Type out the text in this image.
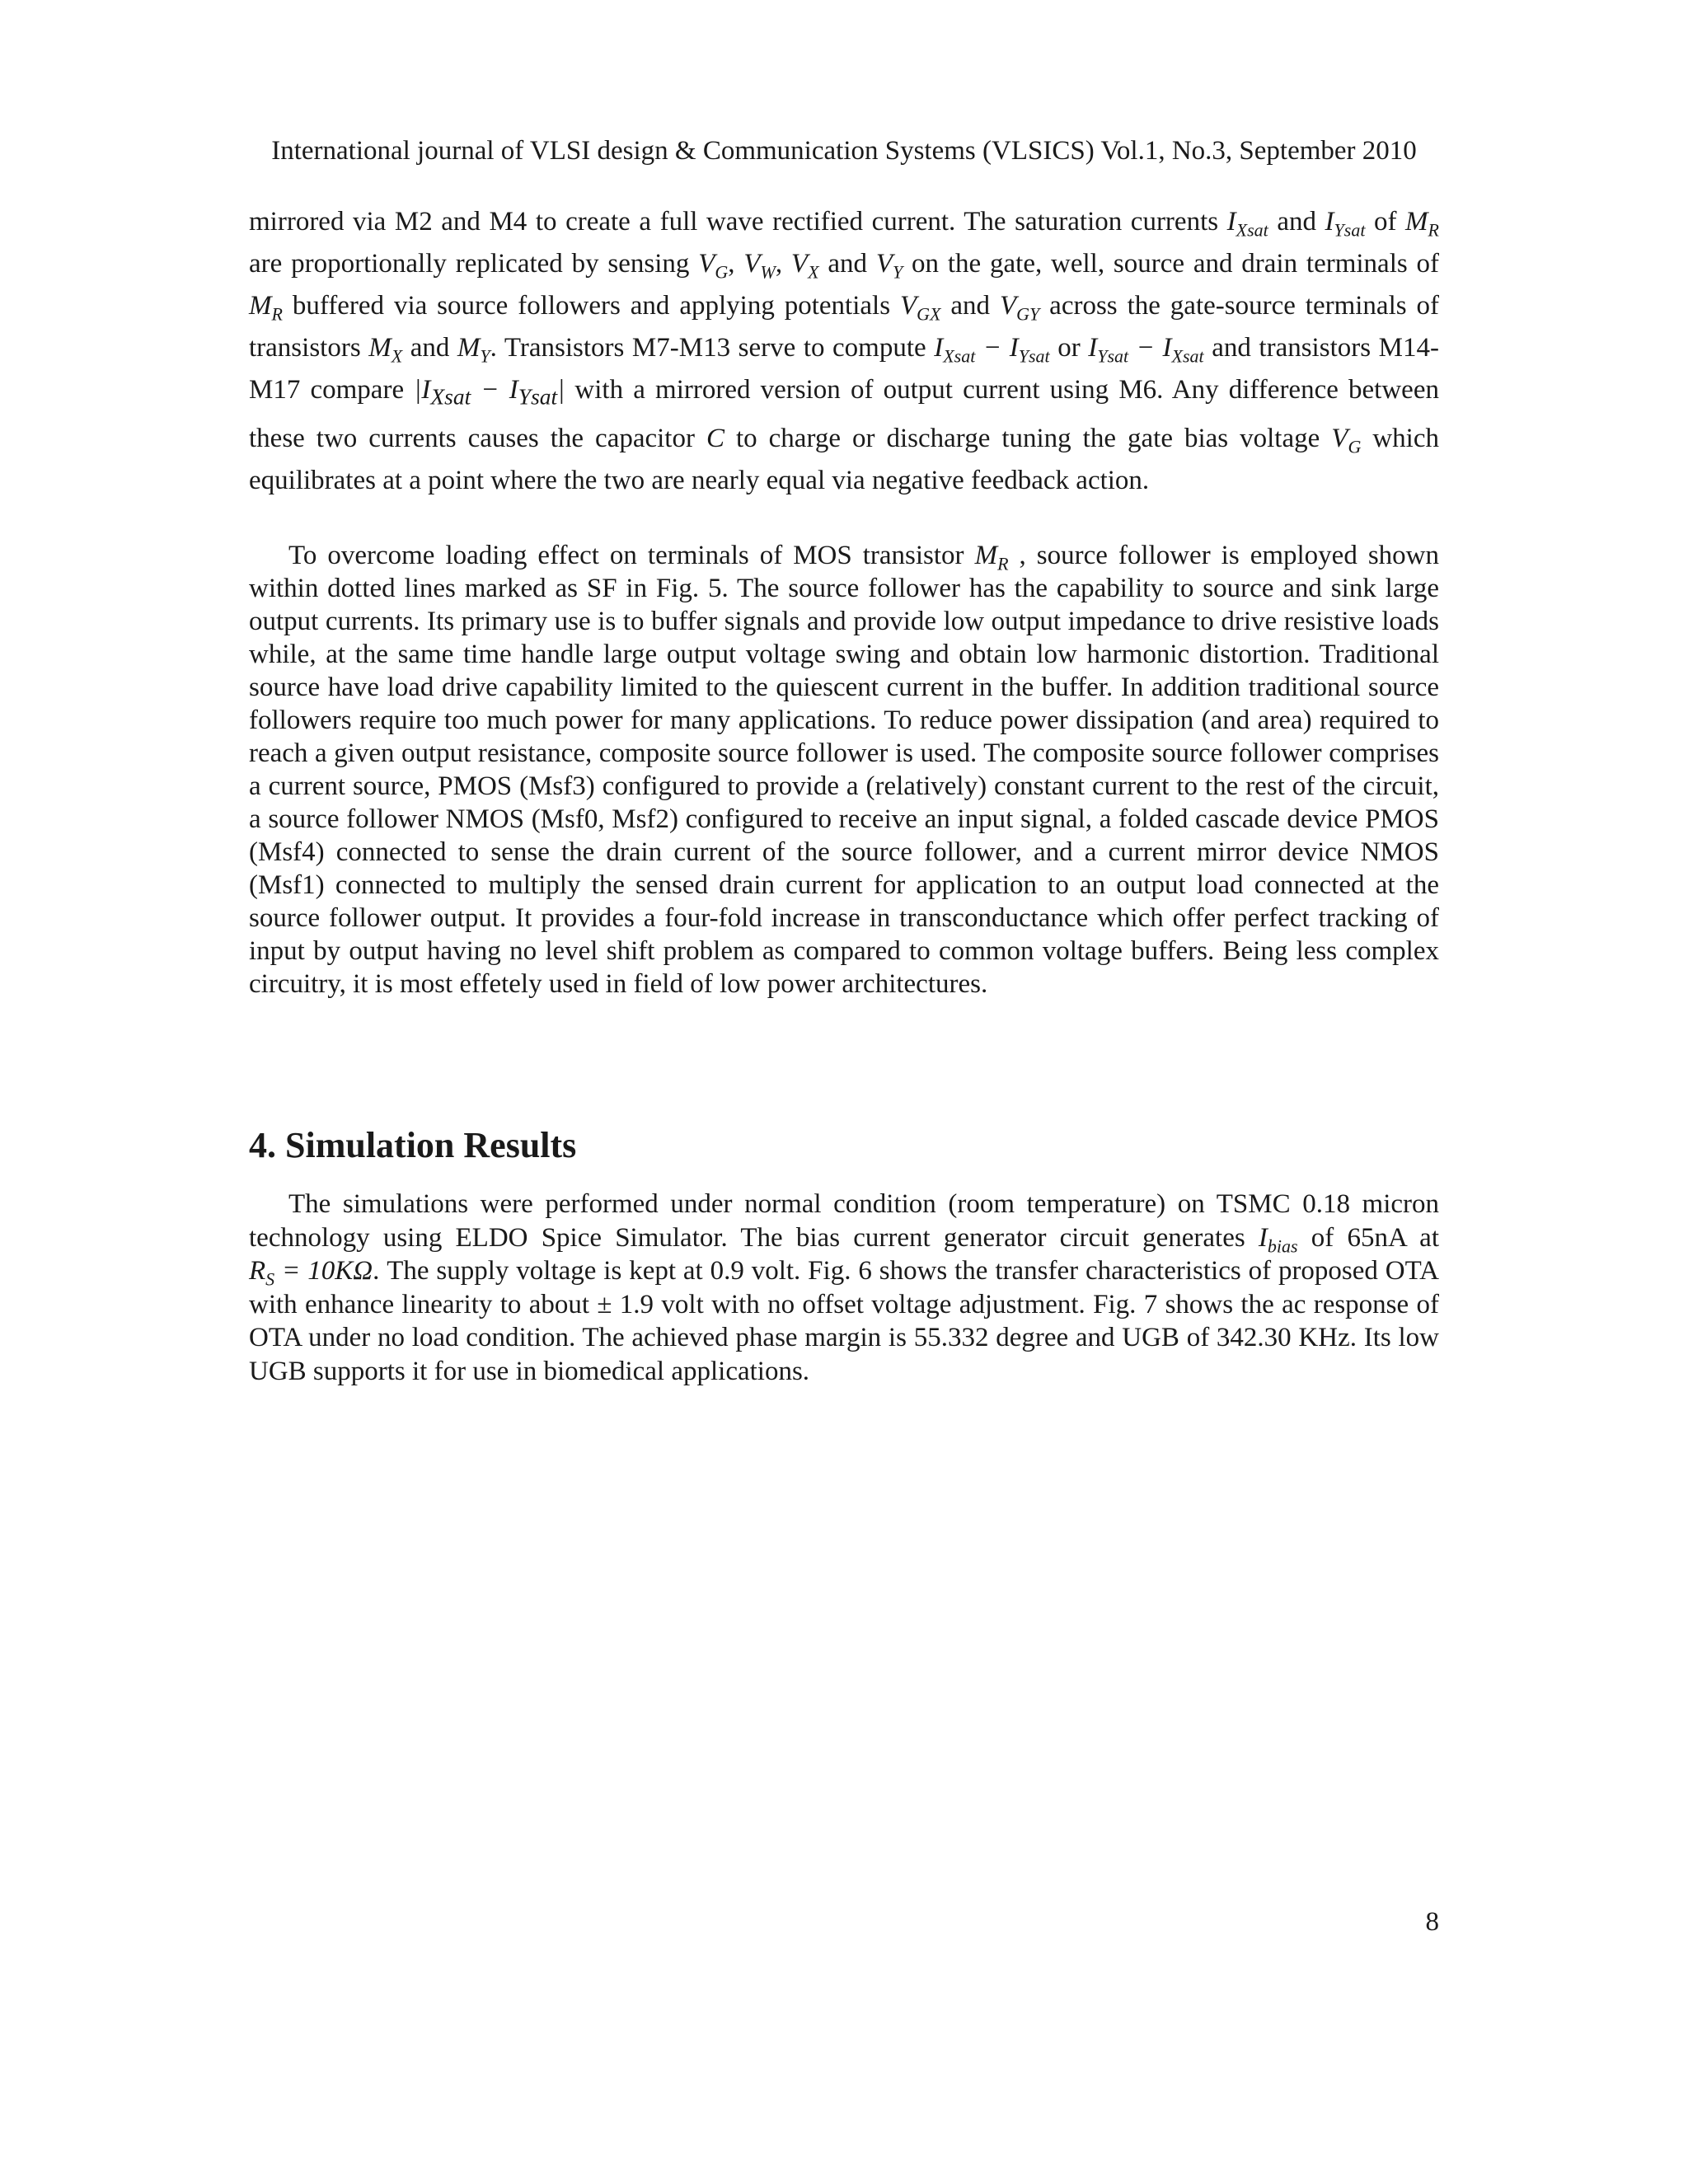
International journal of VLSI design & Communication Systems (VLSICS) Vol.1, No.3, September 2010

mirrored via M2 and M4 to create a full wave rectified current. The saturation currents $I_{Xsat}$ and $I_{Ysat}$ of $M_R$ are proportionally replicated by sensing $V_G$, $V_W$, $V_X$ and $V_Y$ on the gate, well, source and drain terminals of $M_R$ buffered via source followers and applying potentials $V_{GX}$ and $V_{GY}$ across the gate-source terminals of transistors $M_X$ and $M_Y$. Transistors M7-M13 serve to compute $I_{Xsat} - I_{Ysat}$ or $I_{Ysat} - I_{Xsat}$ and transistors M14-M17 compare $|I_{Xsat} - I_{Ysat}|$ with a mirrored version of output current using M6. Any difference between these two currents causes the capacitor C to charge or discharge tuning the gate bias voltage $V_G$ which equilibrates at a point where the two are nearly equal via negative feedback action.

To overcome loading effect on terminals of MOS transistor $M_R$ , source follower is employed shown within dotted lines marked as SF in Fig. 5. The source follower has the capability to source and sink large output currents. Its primary use is to buffer signals and provide low output impedance to drive resistive loads while, at the same time handle large output voltage swing and obtain low harmonic distortion. Traditional source have load drive capability limited to the quiescent current in the buffer. In addition traditional source followers require too much power for many applications. To reduce power dissipation (and area) required to reach a given output resistance, composite source follower is used. The composite source follower comprises a current source, PMOS (Msf3) configured to provide a (relatively) constant current to the rest of the circuit, a source follower NMOS (Msf0, Msf2) configured to receive an input signal, a folded cascade device PMOS (Msf4) connected to sense the drain current of the source follower, and a current mirror device NMOS (Msf1) connected to multiply the sensed drain current for application to an output load connected at the source follower output. It provides a four-fold increase in transconductance which offer perfect tracking of input by output having no level shift problem as compared to common voltage buffers. Being less complex circuitry, it is most effetely used in field of low power architectures.

4. Simulation Results

The simulations were performed under normal condition (room temperature) on TSMC 0.18 micron technology using ELDO Spice Simulator. The bias current generator circuit generates $I_{bias}$ of 65nA at $R_S = 10K\Omega$. The supply voltage is kept at 0.9 volt. Fig. 6 shows the transfer characteristics of proposed OTA with enhance linearity to about ± 1.9 volt with no offset voltage adjustment. Fig. 7 shows the ac response of OTA under no load condition. The achieved phase margin is 55.332 degree and UGB of 342.30 KHz. Its low UGB supports it for use in biomedical applications.

8
